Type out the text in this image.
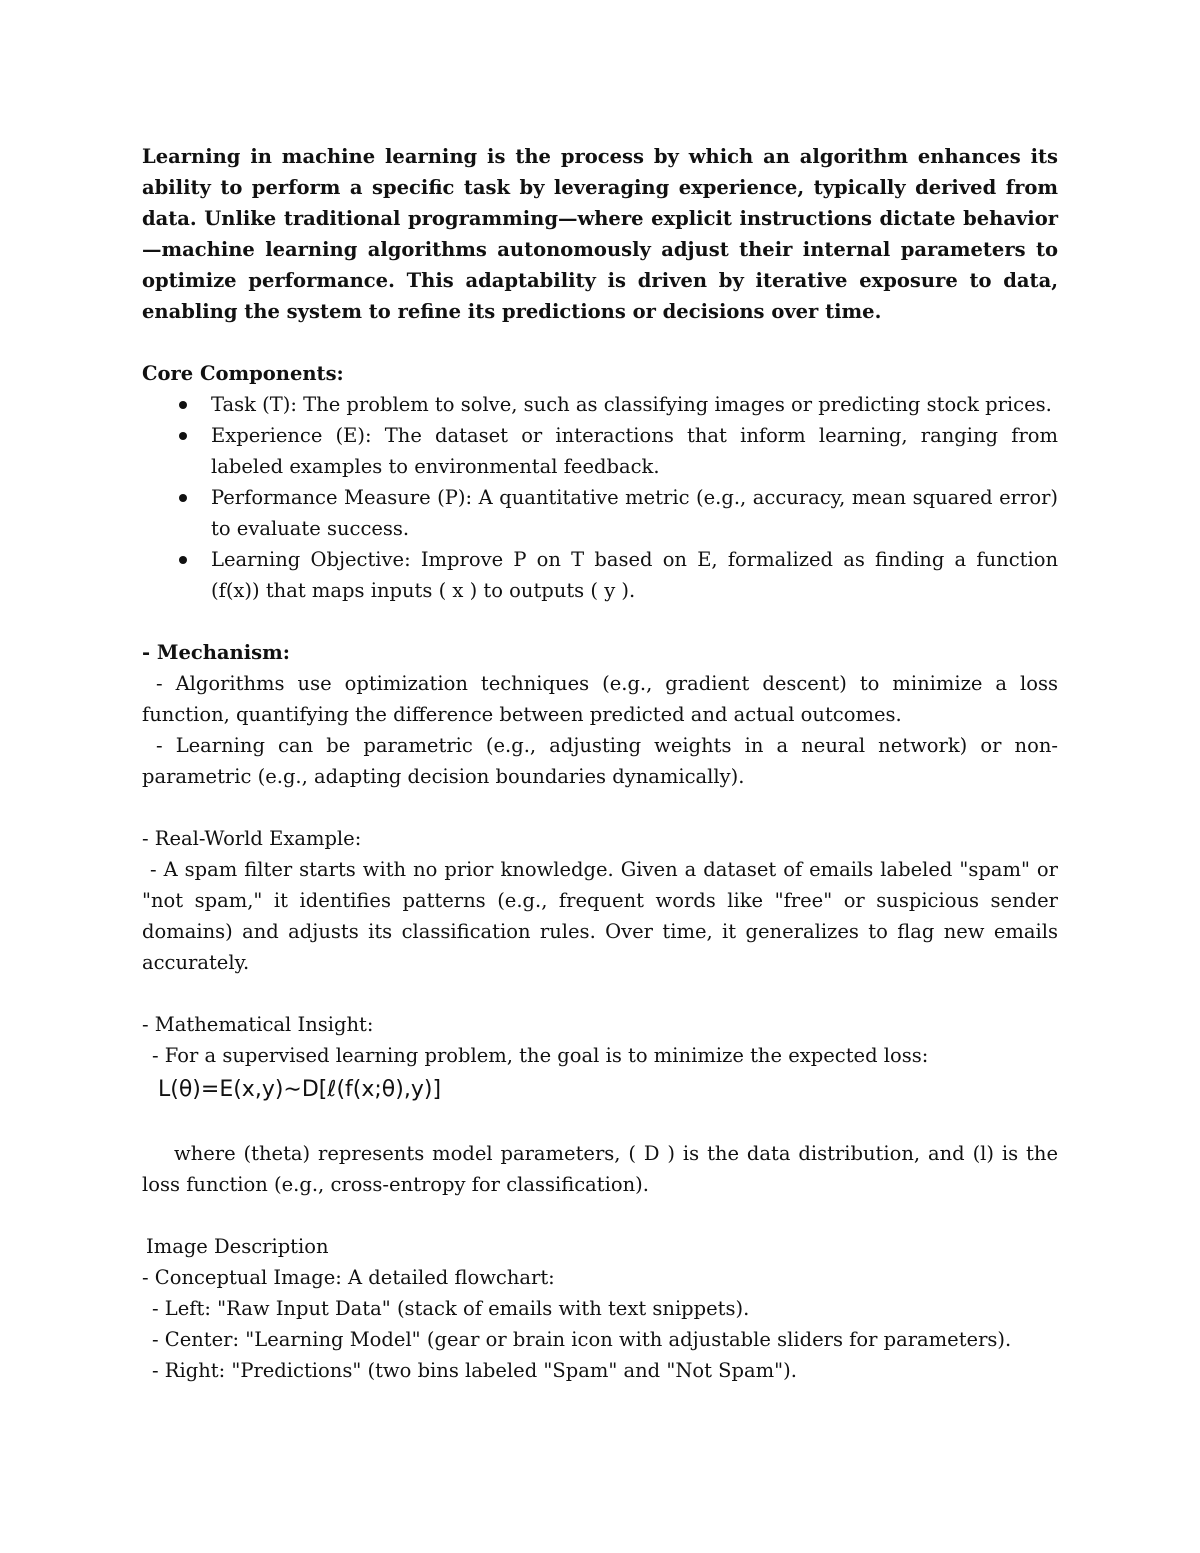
Learning in machine learning is the process by which an algorithm enhances its ability to perform a specific task by leveraging experience, typically derived from data. Unlike traditional programming—where explicit instructions dictate behavior—machine learning algorithms autonomously adjust their internal parameters to optimize performance. This adaptability is driven by iterative exposure to data, enabling the system to refine its predictions or decisions over time.

Core Components:

Task (T): The problem to solve, such as classifying images or predicting stock prices.
Experience (E): The dataset or interactions that inform learning, ranging from labeled examples to environmental feedback.
Performance Measure (P): A quantitative metric (e.g., accuracy, mean squared error) to evaluate success.
Learning Objective: Improve P on T based on E, formalized as finding a function (f(x)) that maps inputs ( x ) to outputs ( y ).

- Mechanism:

- Algorithms use optimization techniques (e.g., gradient descent) to minimize a loss function, quantifying the difference between predicted and actual outcomes.

- Learning can be parametric (e.g., adjusting weights in a neural network) or non-parametric (e.g., adapting decision boundaries dynamically).

- Real-World Example:

- A spam filter starts with no prior knowledge. Given a dataset of emails labeled "spam" or "not spam," it identifies patterns (e.g., frequent words like "free" or suspicious sender domains) and adjusts its classification rules. Over time, it generalizes to flag new emails accurately.

- Mathematical Insight:

- For a supervised learning problem, the goal is to minimize the expected loss:

L(θ)=E(x,y)∼D[ℓ(f(x;θ),y)]

where (theta) represents model parameters, ( D ) is the data distribution, and (l) is the loss function (e.g., cross-entropy for classification).

Image Description

- Conceptual Image: A detailed flowchart:

- Left: "Raw Input Data" (stack of emails with text snippets).

- Center: "Learning Model" (gear or brain icon with adjustable sliders for parameters).

- Right: "Predictions" (two bins labeled "Spam" and "Not Spam").
